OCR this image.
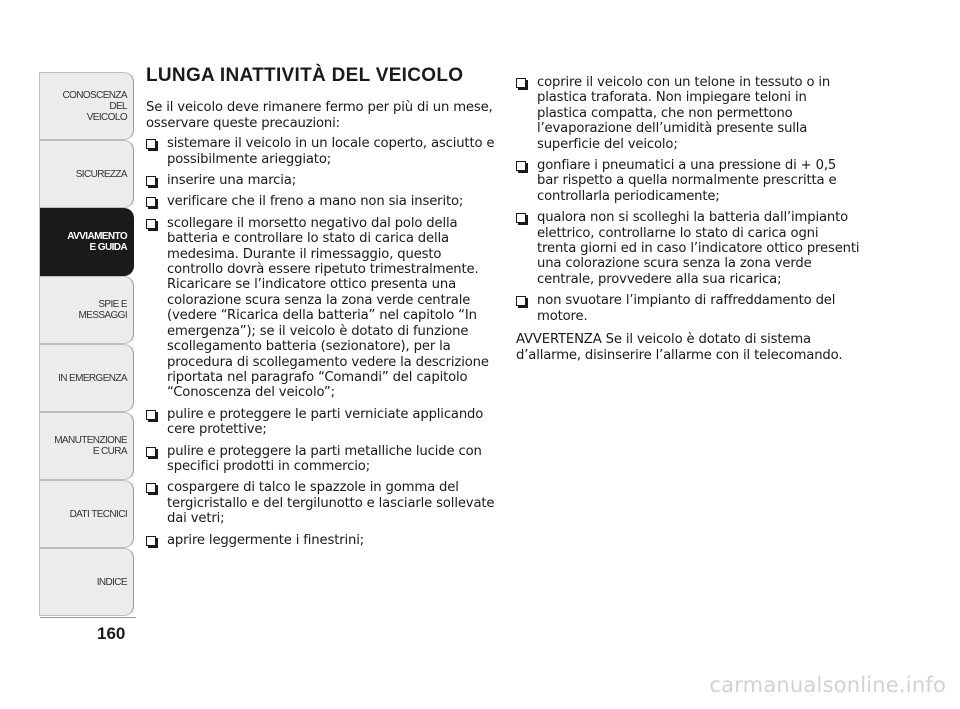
CONOSCENZA
DEL
VEICOLO
SICUREZZA
AVVIAMENTO
E GUIDA
SPIE E
MESSAGGI
IN EMERGENZA
MANUTENZIONE
E CURA
DATI TECNICI
INDICE
160
LUNGA INATTIVITÀ DEL VEICOLO

Se il veicolo deve rimanere fermo per più di un mese, osservare queste precauzioni:

sistemare il veicolo in un locale coperto, asciutto e possibilmente arieggiato;
inserire una marcia;
verificare che il freno a mano non sia inserito;
scollegare il morsetto negativo dal polo della batteria e controllare lo stato di carica della medesima. Durante il rimessaggio, questo controllo dovrà essere ripetuto trimestralmente. Ricaricare se l’indicatore ottico presenta una colorazione scura senza la zona verde centrale (vedere “Ricarica della batteria” nel capitolo “In emergenza”); se il veicolo è dotato di funzione scollegamento batteria (sezionatore), per la procedura di scollegamento vedere la descrizione riportata nel paragrafo “Comandi” del capitolo “Conoscenza del veicolo”;
pulire e proteggere le parti verniciate applicando cere protettive;
pulire e proteggere la parti metalliche lucide con specifici prodotti in commercio;
cospargere di talco le spazzole in gomma del tergicristallo e del tergilunotto e lasciarle sollevate dai vetri;
aprire leggermente i finestrini;
coprire il veicolo con un telone in tessuto o in plastica traforata. Non impiegare teloni in plastica compatta, che non permettono l’evaporazione dell’umidità presente sulla superficie del veicolo;
gonfiare i pneumatici a una pressione di + 0,5 bar rispetto a quella normalmente prescritta e controllarla periodicamente;
qualora non si scolleghi la batteria dall’impianto elettrico, controllarne lo stato di carica ogni trenta giorni ed in caso l’indicatore ottico presenti una colorazione scura senza la zona verde centrale, provvedere alla sua ricarica;
non svuotare l’impianto di raffreddamento del motore.

AVVERTENZA Se il veicolo è dotato di sistema d’allarme, disinserire l’allarme con il telecomando.

carmanualsonline.info
